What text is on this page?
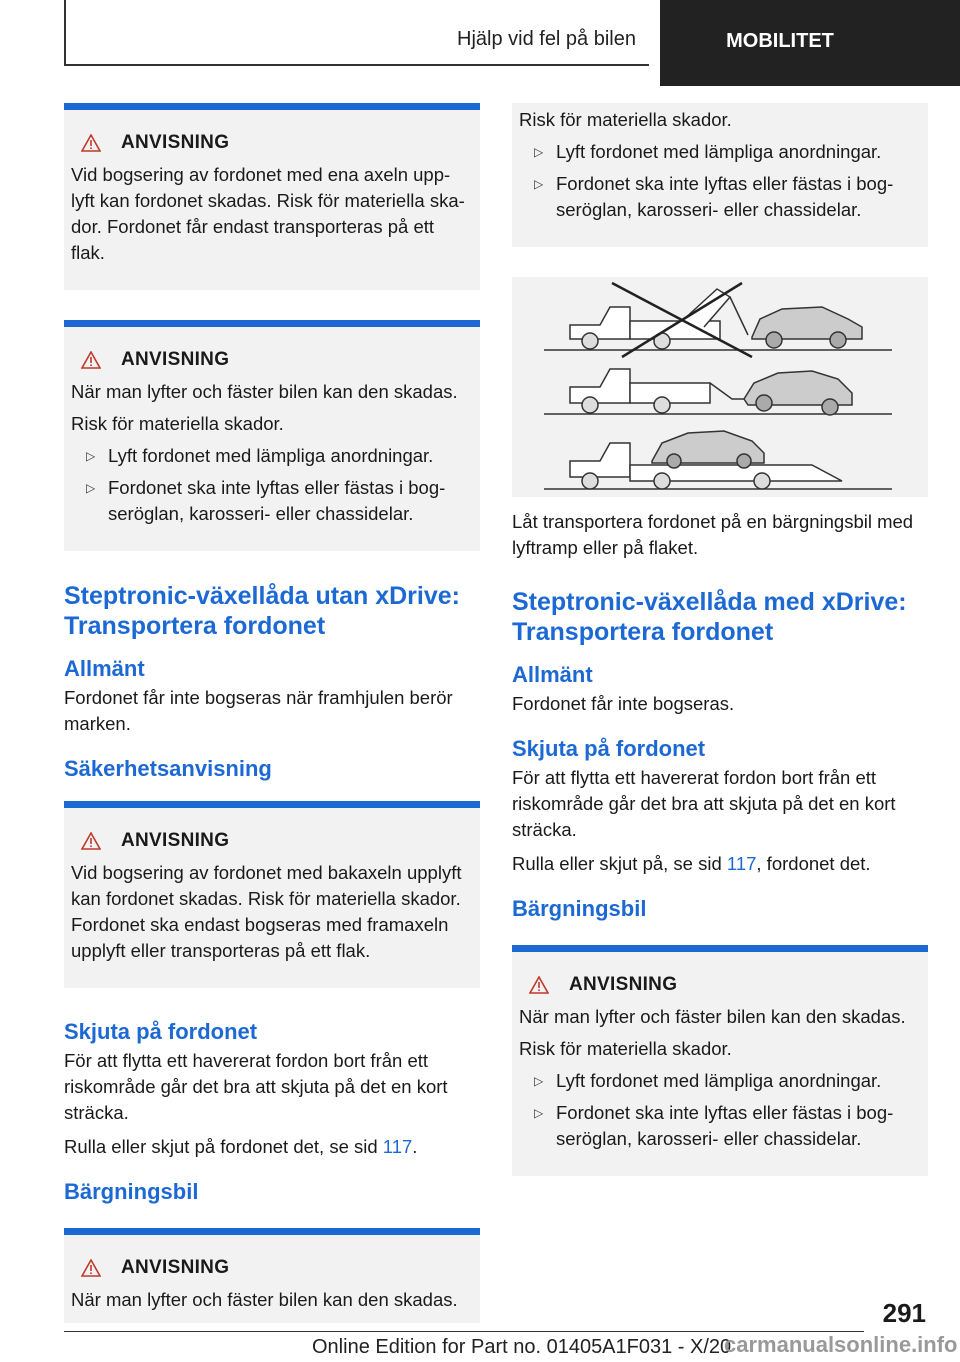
Hjälp vid fel på bilen	MOBILITET
ANVISNING

Vid bogsering av fordonet med ena axeln upp-lyft kan fordonet skadas. Risk för materiella ska-dor. Fordonet får endast transporteras på ett flak.

ANVISNING

När man lyfter och fäster bilen kan den skadas.

Risk för materiella skador.

▷ Lyft fordonet med lämpliga anordningar.
▷ Fordonet ska inte lyftas eller fästas i bog-seröglan, karosseri- eller chassidelar.
Steptronic-växellåda utan xDrive: Transportera fordonet
Allmänt

Fordonet får inte bogseras när framhjulen berör marken.

Säkerhetsanvisning
ANVISNING

Vid bogsering av fordonet med bakaxeln upplyft kan fordonet skadas. Risk för materiella skador. Fordonet ska endast bogseras med framaxeln upplyft eller transporteras på ett flak.

Skjuta på fordonet

För att flytta ett havererat fordon bort från ett riskområde går det bra att skjuta på det en kort sträcka.

Rulla eller skjut på fordonet det, se sid 117.

Bärgningsbil
ANVISNING

När man lyfter och fäster bilen kan den skadas.

Risk för materiella skador.

▷ Lyft fordonet med lämpliga anordningar.
▷ Fordonet ska inte lyftas eller fästas i bog-seröglan, karosseri- eller chassidelar.

Låt transportera fordonet på en bärgningsbil med lyftramp eller på flaket.

Steptronic-växellåda med xDrive: Transportera fordonet
Allmänt

Fordonet får inte bogseras.

Skjuta på fordonet

För att flytta ett havererat fordon bort från ett riskområde går det bra att skjuta på det en kort sträcka.

Rulla eller skjut på, se sid 117, fordonet det.

Bärgningsbil
ANVISNING

När man lyfter och fäster bilen kan den skadas.

Risk för materiella skador.

▷ Lyft fordonet med lämpliga anordningar.
▷ Fordonet ska inte lyftas eller fästas i bog-seröglan, karosseri- eller chassidelar.
291
Online Edition for Part no. 01405A1F031 - X/20
carmanualsonline.info
